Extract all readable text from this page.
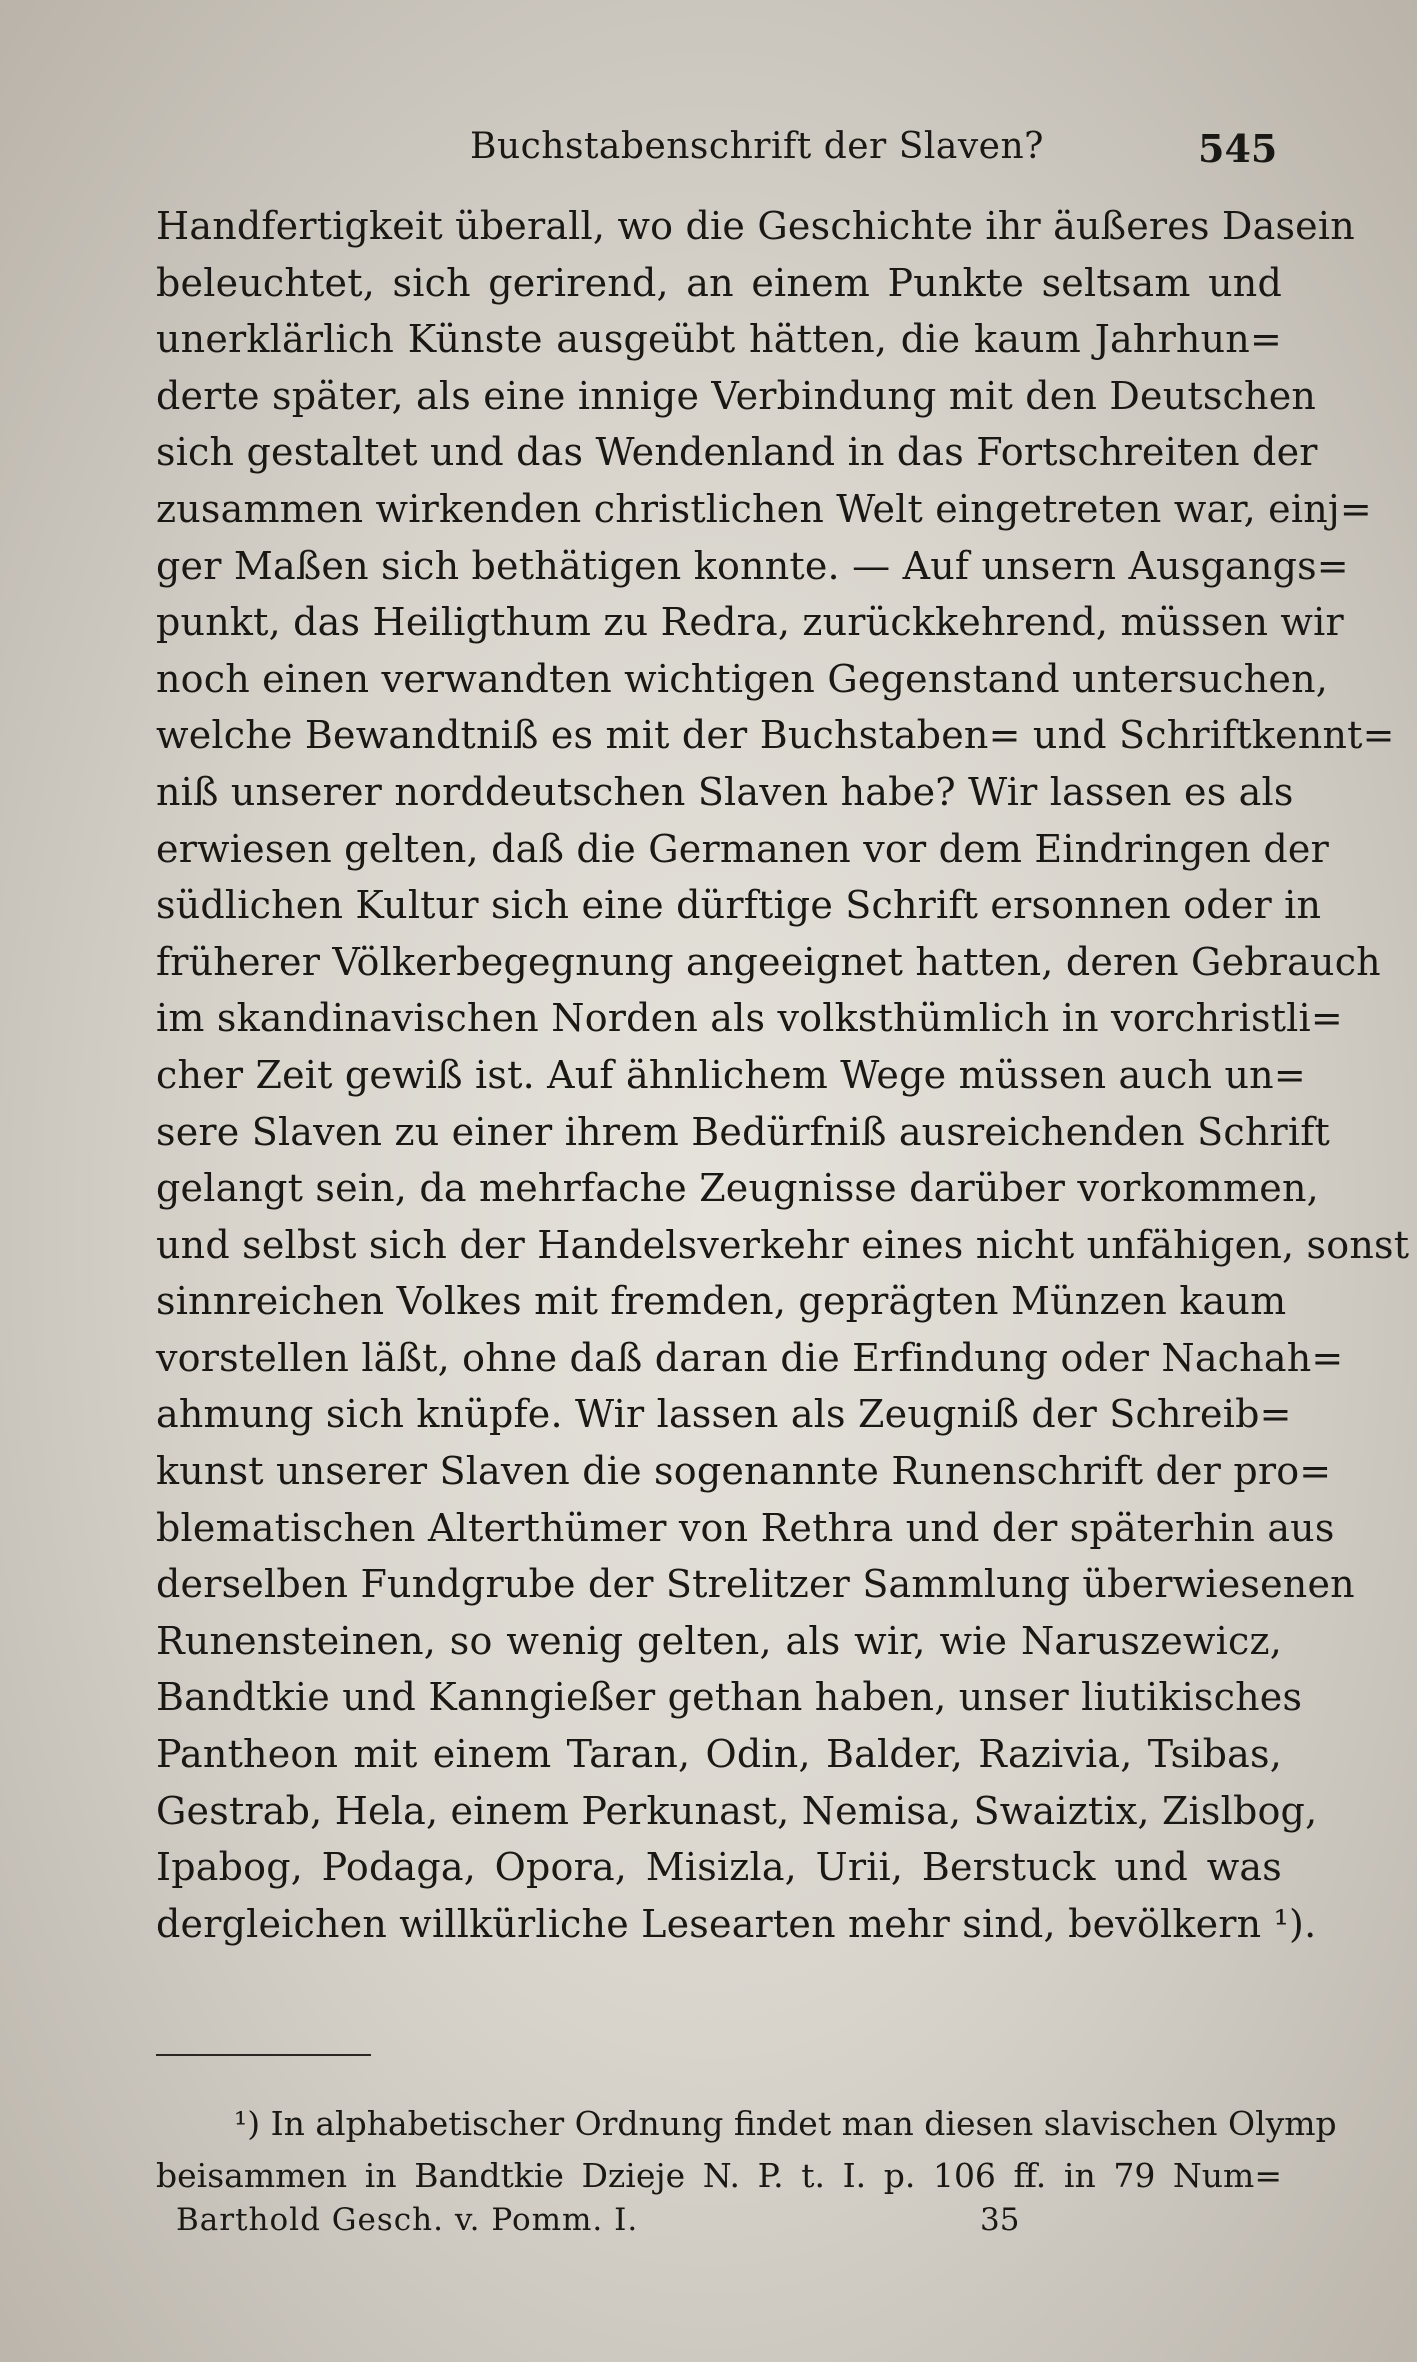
Buchstabenschrift der Slaven?	545
Handfertigkeit überall, wo die Geschichte ihr äußeres Dasein
beleuchtet, sich gerirend, an einem Punkte seltsam und
unerklärlich Künste ausgeübt hätten, die kaum Jahrhun=
derte später, als eine innige Verbindung mit den Deutschen
sich gestaltet und das Wendenland in das Fortschreiten der
zusammen wirkenden christlichen Welt eingetreten war, einj=
ger Maßen sich bethätigen konnte. — Auf unsern Ausgangs=
punkt, das Heiligthum zu Redra, zurückkehrend, müssen wir
noch einen verwandten wichtigen Gegenstand untersuchen,
welche Bewandtniß es mit der Buchstaben= und Schriftkennt=
niß unserer norddeutschen Slaven habe? Wir lassen es als
erwiesen gelten, daß die Germanen vor dem Eindringen der
südlichen Kultur sich eine dürftige Schrift ersonnen oder in
früherer Völkerbegegnung angeeignet hatten, deren Gebrauch
im skandinavischen Norden als volksthümlich in vorchristli=
cher Zeit gewiß ist. Auf ähnlichem Wege müssen auch un=
sere Slaven zu einer ihrem Bedürfniß ausreichenden Schrift
gelangt sein, da mehrfache Zeugnisse darüber vorkommen,
und selbst sich der Handelsverkehr eines nicht unfähigen, sonst
sinnreichen Volkes mit fremden, geprägten Münzen kaum
vorstellen läßt, ohne daß daran die Erfindung oder Nachah=
ahmung sich knüpfe. Wir lassen als Zeugniß der Schreib=
kunst unserer Slaven die sogenannte Runenschrift der pro=
blematischen Alterthümer von Rethra und der späterhin aus
derselben Fundgrube der Strelitzer Sammlung überwiesenen
Runensteinen, so wenig gelten, als wir, wie Naruszewicz,
Bandtkie und Kanngießer gethan haben, unser liutikisches
Pantheon mit einem Taran, Odin, Balder, Razivia, Tsibas,
Gestrab, Hela, einem Perkunast, Nemisa, Swaiztix, Zislbog,
Ipabog, Podaga, Opora, Misizla, Urii, Berstuck und was
dergleichen willkürliche Lesearten mehr sind, bevölkern ¹).
¹) In alphabetischer Ordnung findet man diesen slavischen Olymp
beisammen in Bandtkie Dzieje N. P. t. I. p. 106 ff. in 79 Num=
Barthold Gesch. v. Pomm. I.	35
